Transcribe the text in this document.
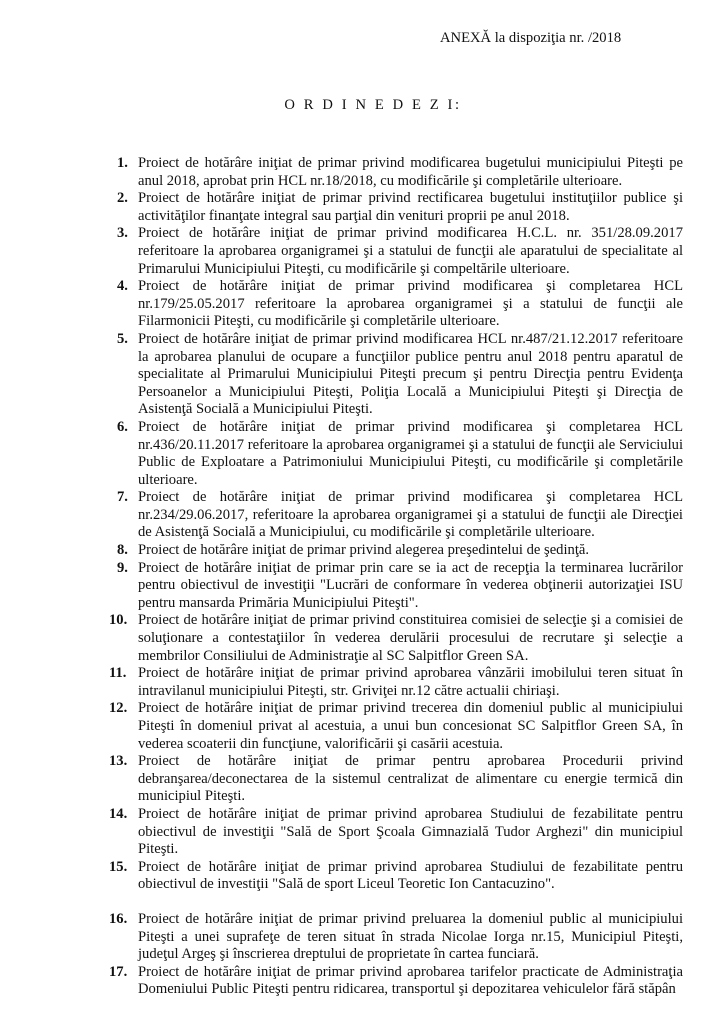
ANEXĂ la dispoziţia nr. /2018
O R D I N E D E Z I:
1. Proiect de hotărâre iniţiat de primar privind modificarea bugetului municipiului Piteşti pe anul 2018, aprobat prin HCL nr.18/2018, cu modificările şi completările ulterioare.
2. Proiect de hotărâre iniţiat de primar privind rectificarea bugetului instituţiilor publice şi activităţilor finanţate integral sau parţial din venituri proprii pe anul 2018.
3. Proiect de hotărâre iniţiat de primar privind modificarea H.C.L. nr. 351/28.09.2017 referitoare la aprobarea organigramei şi a statului de funcţii ale aparatului de specialitate al Primarului Municipiului Piteşti, cu modificările şi compeltările ulterioare.
4. Proiect de hotărâre iniţiat de primar privind modificarea şi completarea HCL nr.179/25.05.2017 referitoare la aprobarea organigramei şi a statului de funcţii ale Filarmonicii Piteşti, cu modificările şi completările ulterioare.
5. Proiect de hotărâre iniţiat de primar privind modificarea HCL nr.487/21.12.2017 referitoare la aprobarea planului de ocupare a funcţiilor publice pentru anul 2018 pentru aparatul de specialitate al Primarului Municipiului Piteşti precum şi pentru Direcţia pentru Evidenţa Persoanelor a Municipiului Piteşti, Poliţia Locală a Municipiului Piteşti şi Direcţia de Asistenţă Socială a Municipiului Piteşti.
6. Proiect de hotărâre iniţiat de primar privind modificarea şi completarea HCL nr.436/20.11.2017 referitoare la aprobarea organigramei şi a statului de funcţii ale Serviciului Public de Exploatare a Patrimoniului Municipiului Piteşti, cu modificările şi completările ulterioare.
7. Proiect de hotărâre iniţiat de primar privind modificarea şi completarea HCL nr.234/29.06.2017, referitoare la aprobarea organigramei şi a statului de funcţii ale Direcţiei de Asistenţă Socială a Municipiului, cu modificările şi completările ulterioare.
8. Proiect de hotărâre iniţiat de primar privind alegerea preşedintelui de şedinţă.
9. Proiect de hotărâre iniţiat de primar prin care se ia act de recepţia la terminarea lucrărilor pentru obiectivul de investiţii "Lucrări de conformare în vederea obţinerii autorizaţiei ISU pentru mansarda Primăria Municipiului Piteşti".
10. Proiect de hotărâre iniţiat de primar privind constituirea comisiei de selecţie şi a comisiei de soluţionare a contestaţiilor în vederea derulării procesului de recrutare şi selecţie a membrilor Consiliului de Administraţie al SC Salpitflor Green SA.
11. Proiect de hotărâre iniţiat de primar privind aprobarea vânzării imobilului teren situat în intravilanul municipiului Piteşti, str. Griviţei nr.12 către actualii chiriaşi.
12. Proiect de hotărâre iniţiat de primar privind trecerea din domeniul public al municipiului Piteşti în domeniul privat al acestuia, a unui bun concesionat SC Salpitflor Green SA, în vederea scoaterii din funcţiune, valorificării şi casării acestuia.
13. Proiect de hotărâre iniţiat de primar pentru aprobarea Procedurii privind debranşarea/deconectarea de la sistemul centralizat de alimentare cu energie termică din municipiul Piteşti.
14. Proiect de hotărâre iniţiat de primar privind aprobarea Studiului de fezabilitate pentru obiectivul de investiţii "Sală de Sport Şcoala Gimnazială Tudor Arghezi" din municipiul Piteşti.
15. Proiect de hotărâre iniţiat de primar privind aprobarea Studiului de fezabilitate pentru obiectivul de investiţii "Sală de sport Liceul Teoretic Ion Cantacuzino".
16. Proiect de hotărâre iniţiat de primar privind preluarea la domeniul public al municipiului Piteşti a unei suprafeţe de teren situat în strada Nicolae Iorga nr.15, Municipiul Piteşti, judeţul Argeş şi înscrierea dreptului de proprietate în cartea funciară.
17. Proiect de hotărâre iniţiat de primar privind aprobarea tarifelor practicate de Administraţia Domeniului Public Piteşti pentru ridicarea, transportul şi depozitarea vehiculelor fără stăpân
